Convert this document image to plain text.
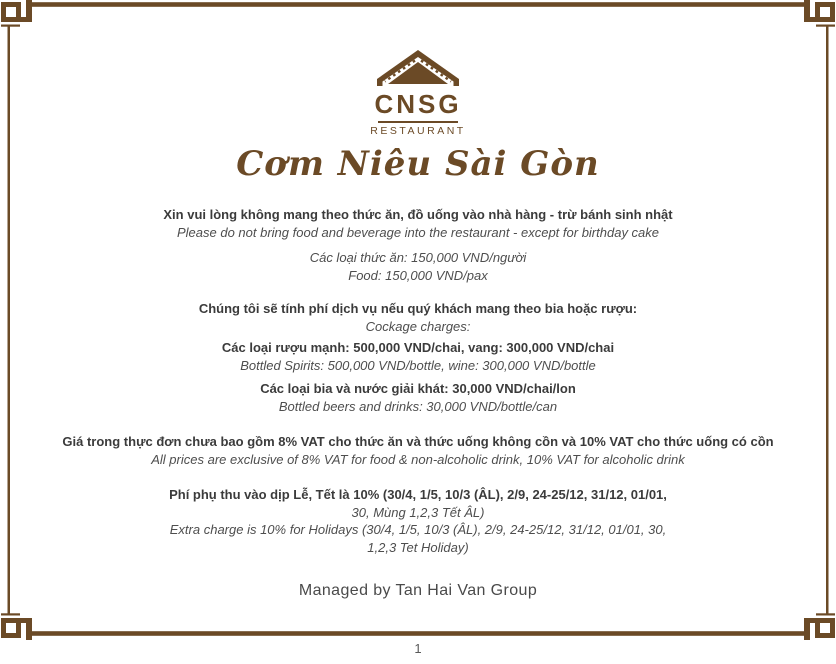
CNSG
RESTAURANT
Cơm Niêu Sài Gòn
Xin vui lòng không mang theo thức ăn, đồ uống vào nhà hàng - trừ bánh sinh nhật
Please do not bring food and beverage into the restaurant - except for birthday cake
Các loại thức ăn: 150,000 VND/người
Food: 150,000 VND/pax
Chúng tôi sẽ tính phí dịch vụ nếu quý khách mang theo bia hoặc rượu:
Cockage charges:
Các loại rượu mạnh: 500,000 VND/chai, vang: 300,000 VND/chai
Bottled Spirits: 500,000 VND/bottle, wine: 300,000 VND/bottle
Các loại bia và nước giải khát: 30,000 VND/chai/lon
Bottled beers and drinks: 30,000 VND/bottle/can
Giá trong thực đơn chưa bao gồm 8% VAT cho thức ăn và thức uống không cồn và 10% VAT cho thức uống có cồn
All prices are exclusive of 8% VAT for food & non-alcoholic drink, 10% VAT for alcoholic drink
Phí phụ thu vào dịp Lễ, Tết là 10% (30/4, 1/5, 10/3 (ÂL), 2/9, 24-25/12, 31/12, 01/01,
30, Mùng 1,2,3 Tết ÂL)
Extra charge is 10% for Holidays (30/4, 1/5, 10/3 (ÂL), 2/9, 24-25/12, 31/12, 01/01, 30,
1,2,3 Tet Holiday)
Managed by Tan Hai Van Group
1
